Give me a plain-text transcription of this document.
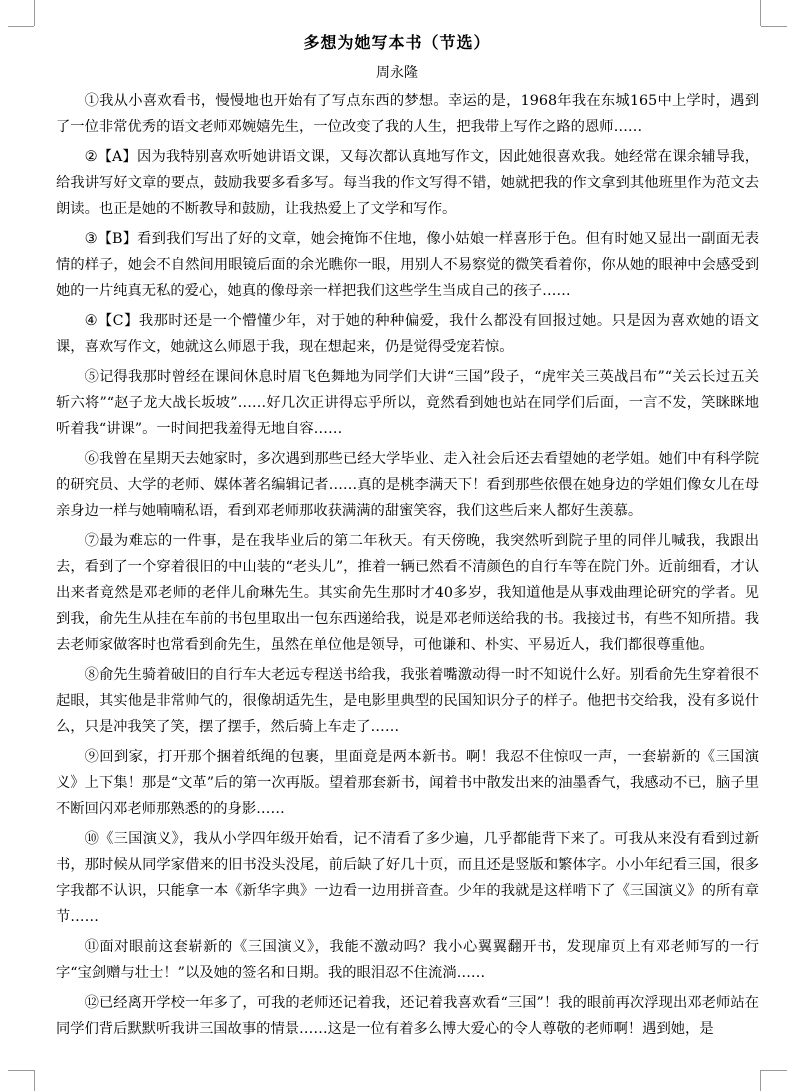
多想为她写本书（节选）
周永隆

①我从小喜欢看书，慢慢地也开始有了写点东西的梦想。幸运的是，1968年我在东城165中上学时，遇到了一位非常优秀的语文老师邓婉嬉先生，一位改变了我的人生，把我带上写作之路的恩师……

②【A】因为我特别喜欢听她讲语文课，又每次都认真地写作文，因此她很喜欢我。她经常在课余辅导我，给我讲写好文章的要点，鼓励我要多看多写。每当我的作文写得不错，她就把我的作文拿到其他班里作为范文去朗读。也正是她的不断教导和鼓励，让我热爱上了文学和写作。

③【B】看到我们写出了好的文章，她会掩饰不住地，像小姑娘一样喜形于色。但有时她又显出一副面无表情的样子，她会不自然间用眼镜后面的余光瞧你一眼，用别人不易察觉的微笑看着你，你从她的眼神中会感受到她的一片纯真无私的爱心，她真的像母亲一样把我们这些学生当成自己的孩子……

④【C】我那时还是一个懵懂少年，对于她的种种偏爱，我什么都没有回报过她。只是因为喜欢她的语文课，喜欢写作文，她就这么师恩于我，现在想起来，仍是觉得受宠若惊。

⑤记得我那时曾经在课间休息时眉飞色舞地为同学们大讲“三国”段子，“虎牢关三英战吕布”“关云长过五关斩六将”“赵子龙大战长坂坡”……好几次正讲得忘乎所以，竟然看到她也站在同学们后面，一言不发，笑眯眯地听着我“讲课”。一时间把我羞得无地自容……

⑥我曾在星期天去她家时，多次遇到那些已经大学毕业、走入社会后还去看望她的老学姐。她们中有科学院的研究员、大学的老师、媒体著名编辑记者……真的是桃李满天下！看到那些依偎在她身边的学姐们像女儿在母亲身边一样与她喃喃私语，看到邓老师那收获满满的甜蜜笑容，我们这些后来人都好生羡慕。

⑦最为难忘的一件事，是在我毕业后的第二年秋天。有天傍晚，我突然听到院子里的同伴儿喊我，我跟出去，看到了一个穿着很旧的中山装的“老头儿”，推着一辆已然看不清颜色的自行车等在院门外。近前细看，才认出来者竟然是邓老师的老伴儿俞琳先生。其实俞先生那时才40多岁，我知道他是从事戏曲理论研究的学者。见到我，俞先生从挂在车前的书包里取出一包东西递给我，说是邓老师送给我的书。我接过书，有些不知所措。我去老师家做客时也常看到俞先生，虽然在单位他是领导，可他谦和、朴实、平易近人，我们都很尊重他。

⑧俞先生骑着破旧的自行车大老远专程送书给我，我张着嘴激动得一时不知说什么好。别看俞先生穿着很不起眼，其实他是非常帅气的，很像胡适先生，是电影里典型的民国知识分子的样子。他把书交给我，没有多说什么，只是冲我笑了笑，摆了摆手，然后骑上车走了……

⑨回到家，打开那个捆着纸绳的包裹，里面竟是两本新书。啊！我忍不住惊叹一声，一套崭新的《三国演义》上下集！那是“文革”后的第一次再版。望着那套新书，闻着书中散发出来的油墨香气，我感动不已，脑子里不断回闪邓老师那熟悉的的身影……

⑩《三国演义》，我从小学四年级开始看，记不清看了多少遍，几乎都能背下来了。可我从来没有看到过新书，那时候从同学家借来的旧书没头没尾，前后缺了好几十页，而且还是竖版和繁体字。小小年纪看三国，很多字我都不认识，只能拿一本《新华字典》一边看一边用拼音查。少年的我就是这样啃下了《三国演义》的所有章节……

⑪面对眼前这套崭新的《三国演义》，我能不激动吗？我小心翼翼翻开书，发现扉页上有邓老师写的一行字“宝剑赠与壮士！”以及她的签名和日期。我的眼泪忍不住流淌……

⑫已经离开学校一年多了，可我的老师还记着我，还记着我喜欢看“三国”！我的眼前再次浮现出邓老师站在同学们背后默默听我讲三国故事的情景……这是一位有着多么博大爱心的令人尊敬的老师啊！遇到她，是
